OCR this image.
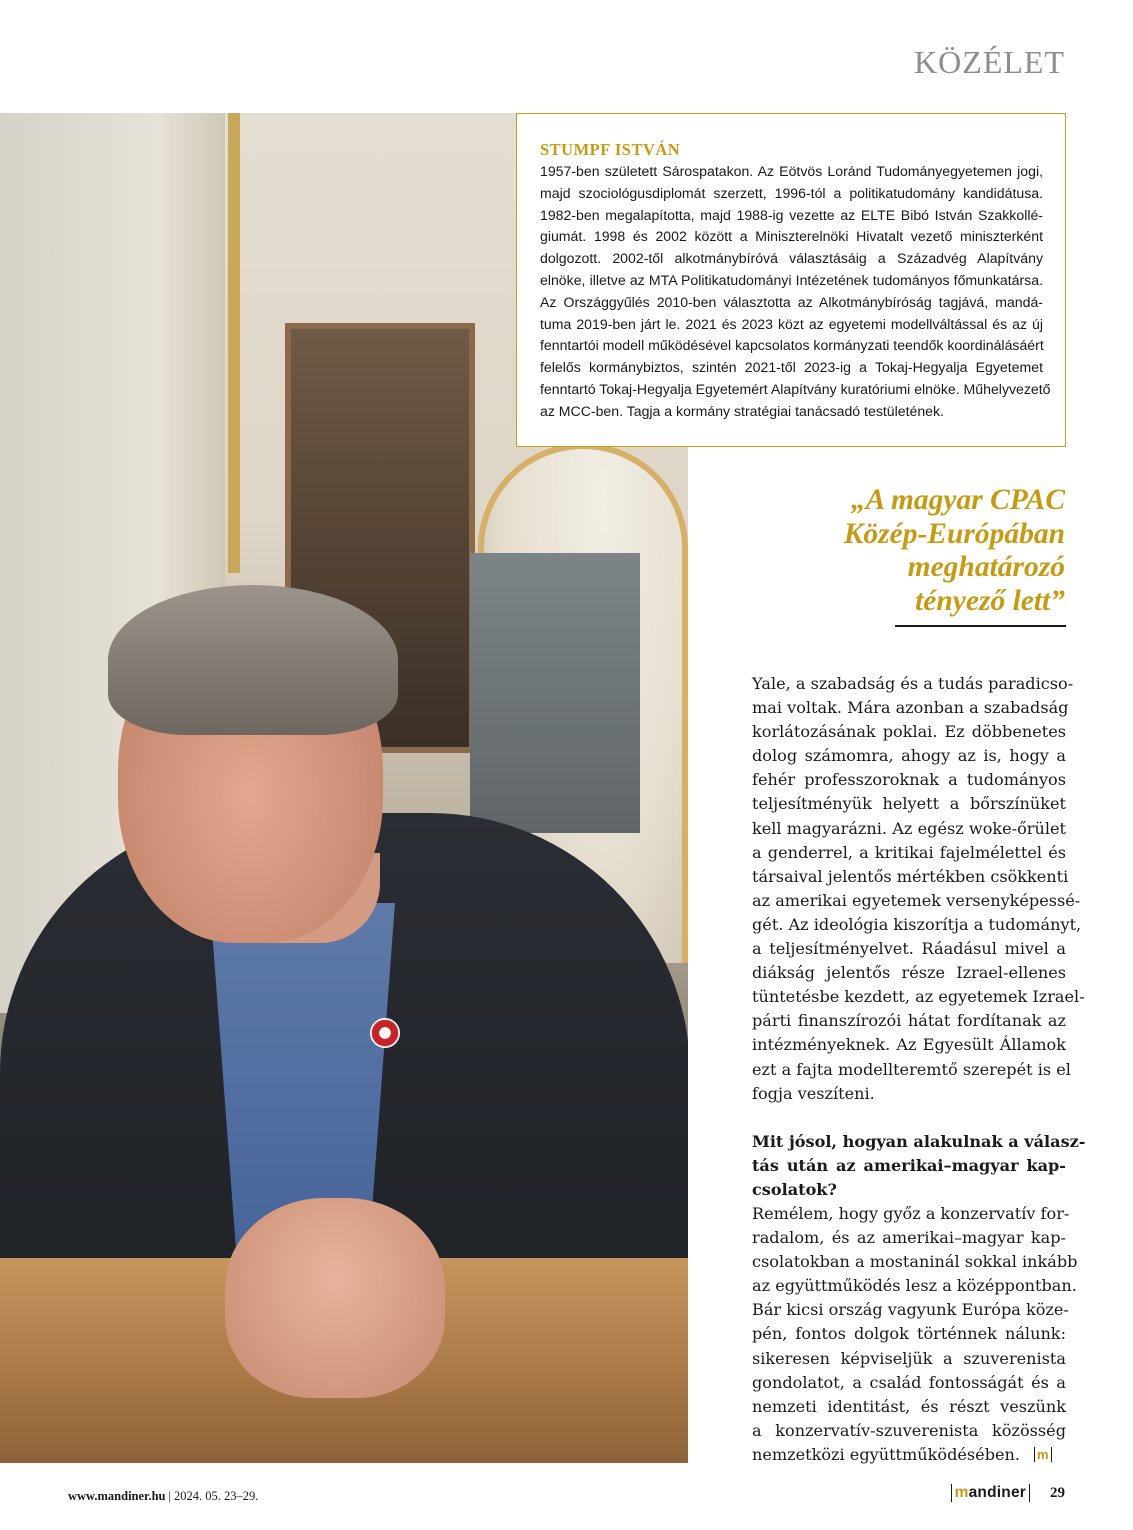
KÖZÉLET
STUMPF ISTVÁN
1957-ben született Sárospatakon. Az Eötvös Loránd Tudományegyetemen jogi,
majd szociológusdiplomát szerzett, 1996-tól a politikatudomány kandidátusa.
1982-ben megalapította, majd 1988-ig vezette az ELTE Bibó István Szakkollé-
giumát. 1998 és 2002 között a Miniszterelnöki Hivatalt vezető miniszterként
dolgozott. 2002-től alkotmánybíróvá választásáig a Századvég Alapítvány
elnöke, illetve az MTA Politikatudományi Intézetének tudományos főmunkatársa.
Az Országgyűlés 2010-ben választotta az Alkotmánybíróság tagjává, mandá-
tuma 2019-ben járt le. 2021 és 2023 közt az egyetemi modellváltással és az új
fenntartói modell működésével kapcsolatos kormányzati teendők koordinálásáért
felelős kormánybiztos, szintén 2021-től 2023-ig a Tokaj-Hegyalja Egyetemet
fenntartó Tokaj-Hegyalja Egyetemért Alapítvány kuratóriumi elnöke. Műhelyvezető
az MCC-ben. Tagja a kormány stratégiai tanácsadó testületének.
„A magyar CPAC
Közép-Európában
meghatározó
tényező lett”
Yale, a szabadság és a tudás paradicso-
mai voltak. Mára azonban a szabadság
korlátozásának poklai. Ez döbbenetes
dolog számomra, ahogy az is, hogy a
fehér professzoroknak a tudományos
teljesítményük helyett a bőrszínüket
kell magyarázni. Az egész woke-őrület
a genderrel, a kritikai fajelmélettel és
társaival jelentős mértékben csökkenti
az amerikai egyetemek versenyképessé-
gét. Az ideológia kiszorítja a tudományt,
a teljesítményelvet. Ráadásul mivel a
diákság jelentős része Izrael-ellenes
tüntetésbe kezdett, az egyetemek Izrael-
párti finanszírozói hátat fordítanak az
intézményeknek. Az Egyesült Államok
ezt a fajta modellteremtő szerepét is el
fogja veszíteni.
Mit jósol, hogyan alakulnak a válasz-
tás után az amerikai–magyar kap-
csolatok?
Remélem, hogy győz a konzervatív for-
radalom, és az amerikai–magyar kap-
csolatokban a mostaninál sokkal inkább
az együttműködés lesz a középpontban.
Bár kicsi ország vagyunk Európa köze-
pén, fontos dolgok történnek nálunk:
sikeresen képviseljük a szuverenista
gondolatot, a család fontosságát és a
nemzeti identitást, és részt veszünk
a konzervatív-szuverenista közösség
nemzetközi együttműködésében. m
www.mandiner.hu | 2024. 05. 23–29.	mandiner 29
